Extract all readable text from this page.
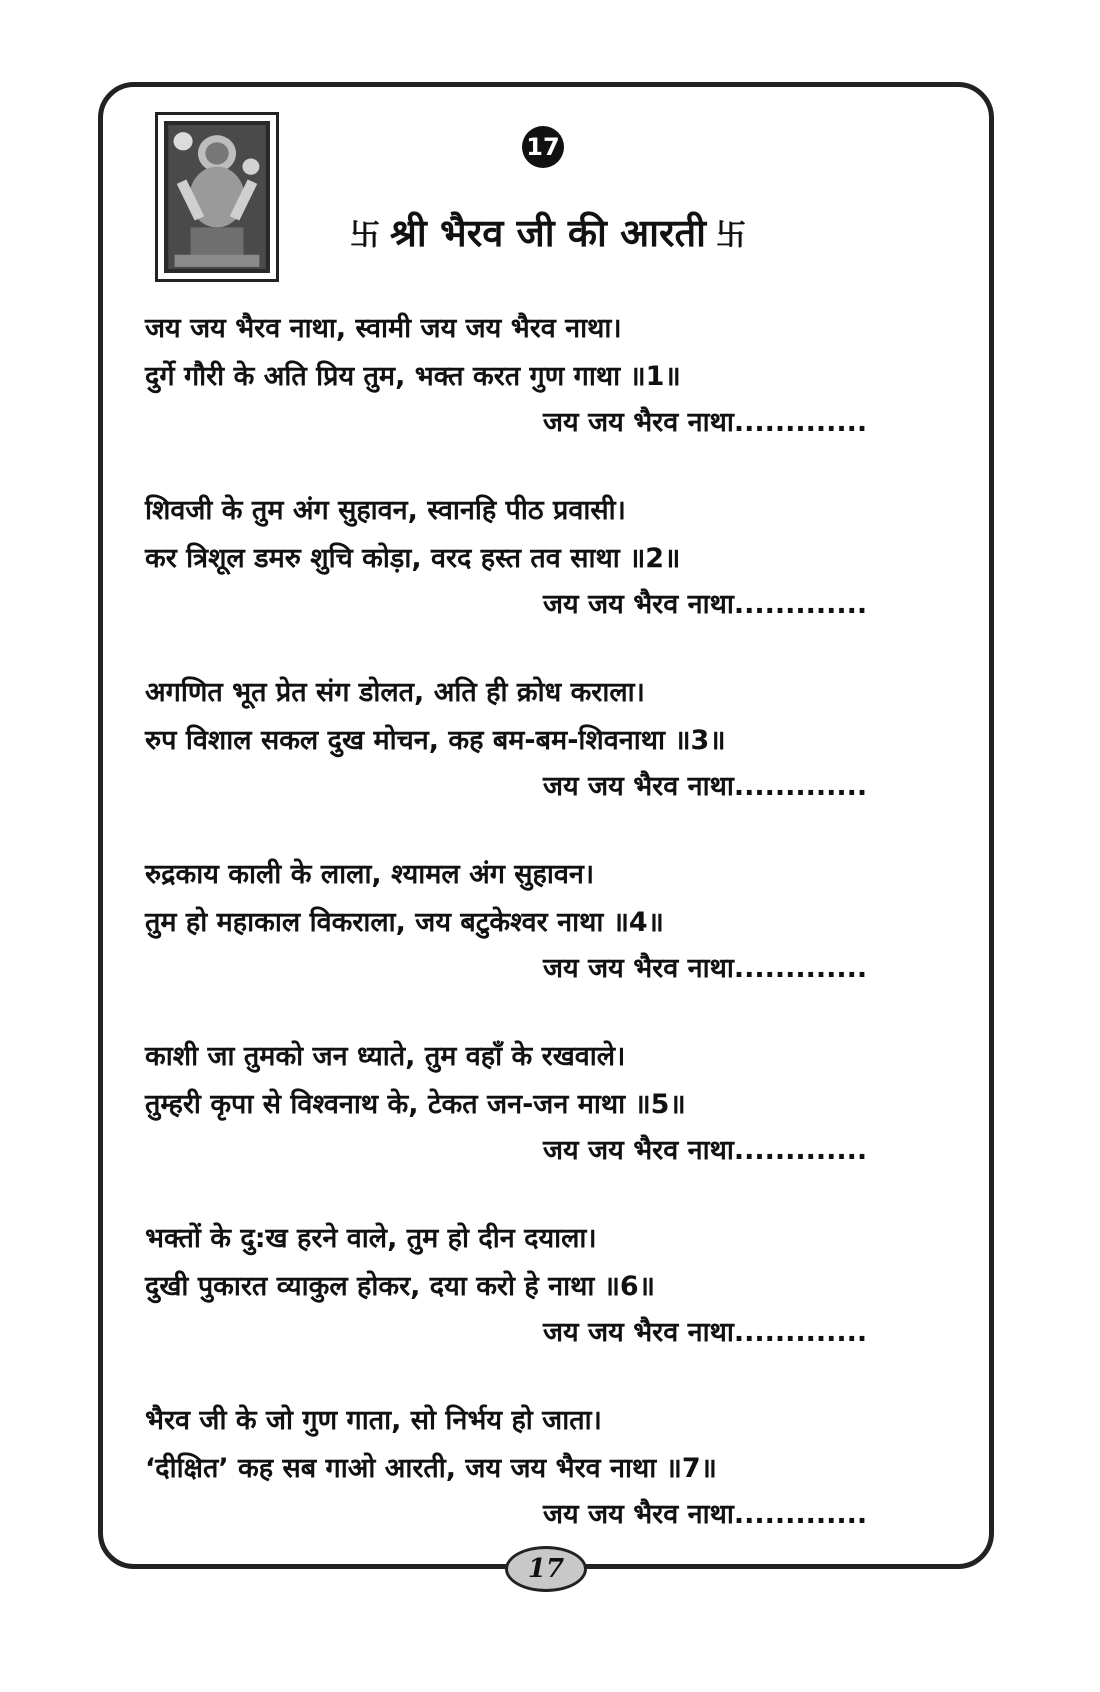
17
卐 श्री भैरव जी की आरती 卐
जय जय भैरव नाथा, स्वामी जय जय भैरव नाथा।
दुर्गे गौरी के अति प्रिय तुम, भक्त करत गुण गाथा ॥1॥
जय जय भैरव नाथा.............
शिवजी के तुम अंग सुहावन, स्वानहि पीठ प्रवासी।
कर त्रिशूल डमरु शुचि कोड़ा, वरद हस्त तव साथा ॥2॥
जय जय भैरव नाथा.............
अगणित भूत प्रेत संग डोलत, अति ही क्रोध कराला।
रुप विशाल सकल दुख मोचन, कह बम-बम-शिवनाथा ॥3॥
जय जय भैरव नाथा.............
रुद्रकाय काली के लाला, श्यामल अंग सुहावन।
तुम हो महाकाल विकराला, जय बटुकेश्वर नाथा ॥4॥
जय जय भैरव नाथा.............
काशी जा तुमको जन ध्याते, तुम वहाँ के रखवाले।
तुम्हरी कृपा से विश्वनाथ के, टेकत जन-जन माथा ॥5॥
जय जय भैरव नाथा.............
भक्तों के दु:ख हरने वाले, तुम हो दीन दयाला।
दुखी पुकारत व्याकुल होकर, दया करो हे नाथा ॥6॥
जय जय भैरव नाथा.............
भैरव जी के जो गुण गाता, सो निर्भय हो जाता।
‘दीक्षित’ कह सब गाओ आरती, जय जय भैरव नाथा ॥7॥
जय जय भैरव नाथा.............
17
